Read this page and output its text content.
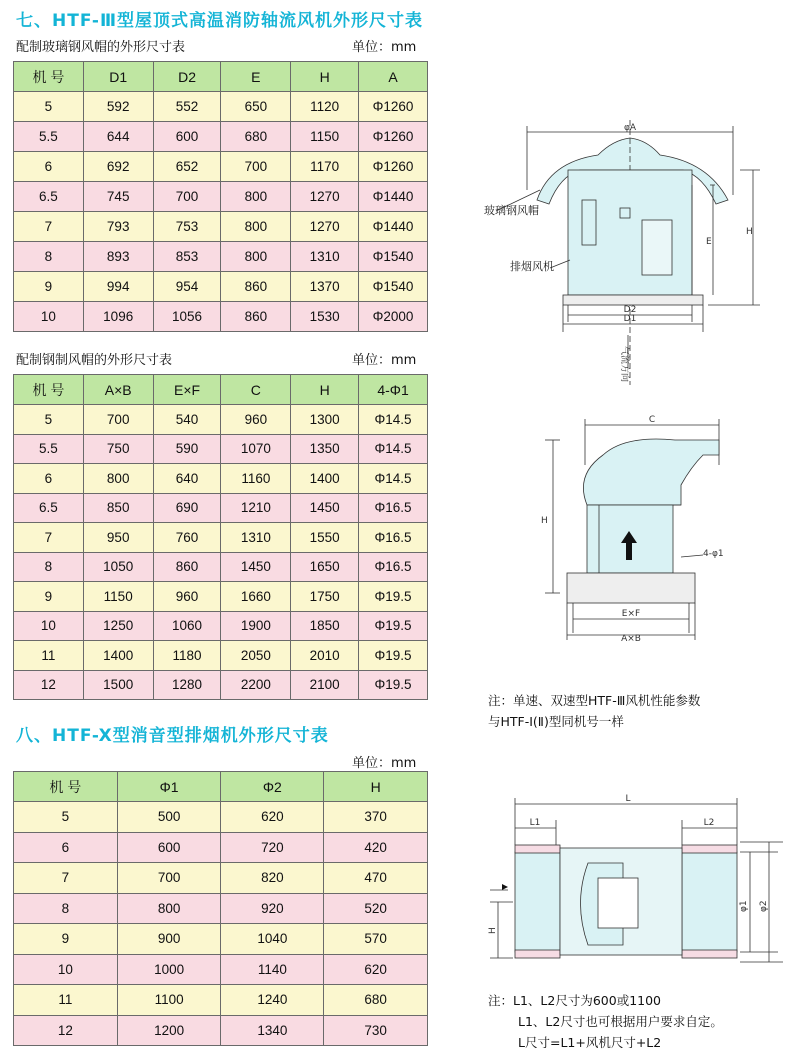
七、HTF-Ⅲ型屋顶式高温消防轴流风机外形尺寸表
配制玻璃钢风帽的外形尺寸表	单位：mm
机 号	D1	D2	E	H	A
5	592	552	650	1120	Φ1260
5.5	644	600	680	1150	Φ1260
6	692	652	700	1170	Φ1260
6.5	745	700	800	1270	Φ1440
7	793	753	800	1270	Φ1440
8	893	853	800	1310	Φ1540
9	994	954	860	1370	Φ1540
10	1096	1056	860	1530	Φ2000
配制钢制风帽的外形尺寸表	单位：mm
机 号	A×B	E×F	C	H	4-Φ1
5	700	540	960	1300	Φ14.5
5.5	750	590	1070	1350	Φ14.5
6	800	640	1160	1400	Φ14.5
6.5	850	690	1210	1450	Φ16.5
7	950	760	1310	1550	Φ16.5
8	1050	860	1450	1650	Φ16.5
9	1150	960	1660	1750	Φ19.5
10	1250	1060	1900	1850	Φ19.5
11	1400	1180	2050	2010	Φ19.5
12	1500	1280	2200	2100	Φ19.5
八、HTF-X型消音型排烟机外形尺寸表
单位：mm
机 号	Φ1	Φ2	H
5	500	620	370
6	600	720	420
7	700	820	470
8	800	920	520
9	900	1040	570
10	1000	1140	620
11	1100	1240	680
12	1200	1340	730
φA
玻璃钢风帽
排烟风机
E
H
D2
D1
气流方向
C
H
4-φ1
E×F
A×B
注：单速、双速型HTF-Ⅲ风机性能参数
与HTF-Ⅰ(Ⅱ)型同机号一样
L
L1	L2
φ1 φ2
H
注：L1、L2尺寸为600或1100
L1、L2尺寸也可根据用户要求自定。
L尺寸=L1+风机尺寸+L2
